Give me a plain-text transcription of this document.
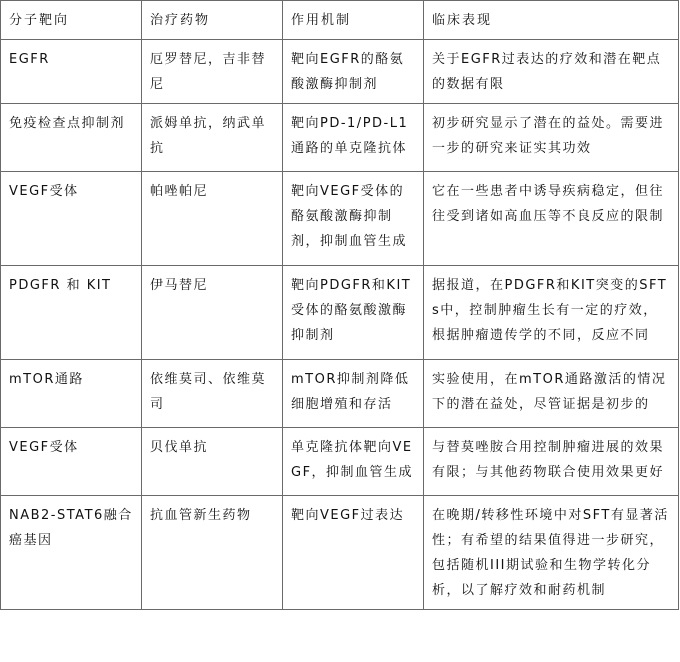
分子靶向	治疗药物	作用机制	临床表现
EGFR	厄罗替尼，吉非替尼	靶向EGFR的酪氨酸激酶抑制剂	关于EGFR过表达的疗效和潜在靶点的数据有限
免疫检查点抑制剂	派姆单抗，纳武单抗	靶向PD-1/PD-L1通路的单克隆抗体	初步研究显示了潜在的益处。需要进一步的研究来证实其功效
VEGF受体	帕唑帕尼	靶向VEGF受体的酪氨酸激酶抑制剂，抑制血管生成	它在一些患者中诱导疾病稳定，但往往受到诸如高血压等不良反应的限制
PDGFR 和 KIT	伊马替尼	靶向PDGFR和KIT受体的酪氨酸激酶抑制剂	据报道，在PDGFR和KIT突变的SFTs中，控制肿瘤生长有一定的疗效，根据肿瘤遗传学的不同，反应不同
mTOR通路	依维莫司、依维莫司	mTOR抑制剂降低细胞增殖和存活	实验使用，在mTOR通路激活的情况下的潜在益处，尽管证据是初步的
VEGF受体	贝伐单抗	单克隆抗体靶向VEGF，抑制血管生成	与替莫唑胺合用控制肿瘤进展的效果有限；与其他药物联合使用效果更好
NAB2-STAT6融合癌基因	抗血管新生药物	靶向VEGF过表达	在晚期/转移性环境中对SFT有显著活性；有希望的结果值得进一步研究，包括随机III期试验和生物学转化分析，以了解疗效和耐药机制
